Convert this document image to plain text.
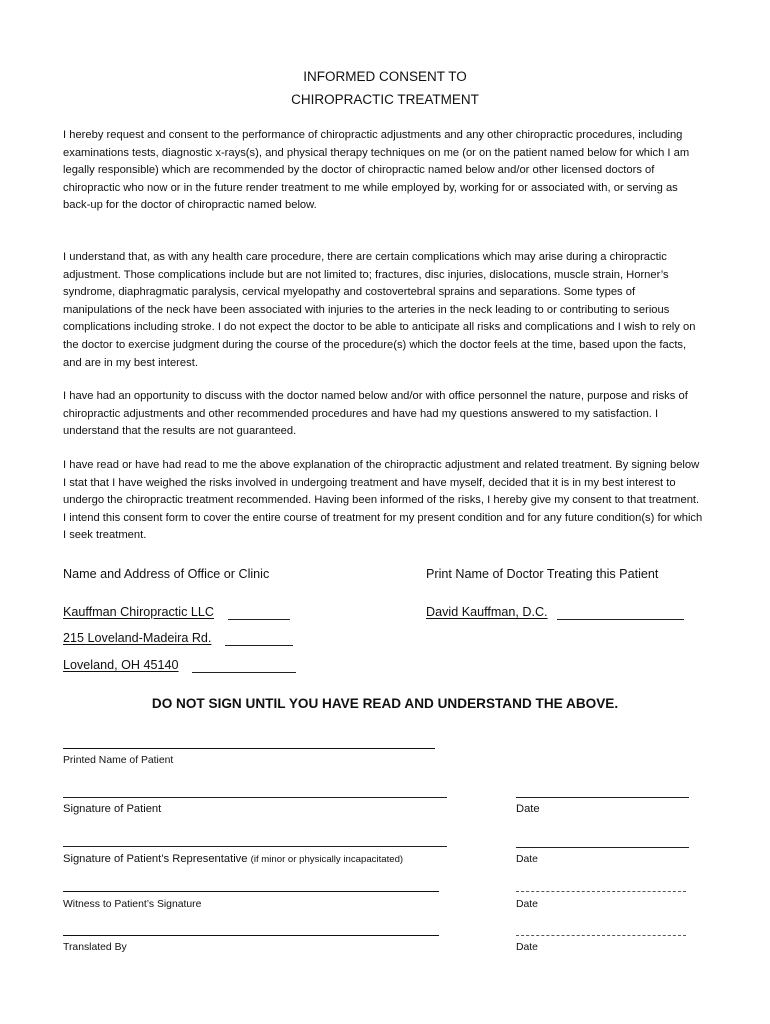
INFORMED CONSENT TO
CHIROPRACTIC TREATMENT

I hereby request and consent to the performance of chiropractic adjustments and any other chiropractic procedures, including examinations tests, diagnostic x-rays(s), and physical therapy techniques on me (or on the patient named below for which I am legally responsible) which are recommended by the doctor of chiropractic named below and/or other licensed doctors of chiropractic who now or in the future render treatment to me while employed by, working for or associated with, or serving as back-up for the doctor of chiropractic named below.

I understand that, as with any health care procedure, there are certain complications which may arise during a chiropractic adjustment. Those complications include but are not limited to; fractures, disc injuries, dislocations, muscle strain, Horner’s syndrome, diaphragmatic paralysis, cervical myelopathy and costovertebral sprains and separations. Some types of manipulations of the neck have been associated with injuries to the arteries in the neck leading to or contributing to serious complications including stroke. I do not expect the doctor to be able to anticipate all risks and complications and I wish to rely on the doctor to exercise judgment during the course of the procedure(s) which the doctor feels at the time, based upon the facts, and are in my best interest.

I have had an opportunity to discuss with the doctor named below and/or with office personnel the nature, purpose and risks of chiropractic adjustments and other recommended procedures and have had my questions answered to my satisfaction. I understand that the results are not guaranteed.

I have read or have had read to me the above explanation of the chiropractic adjustment and related treatment. By signing below I stat that I have weighed the risks involved in undergoing treatment and have myself, decided that it is in my best interest to undergo the chiropractic treatment recommended. Having been informed of the risks, I hereby give my consent to that treatment. I intend this consent form to cover the entire course of treatment for my present condition and for any future condition(s) for which I seek treatment.

Name and Address of Office or Clinic	Print Name of Doctor Treating this Patient
Kauffman Chiropractic LLC	David Kauffman, D.C.
215 Loveland-Madeira Rd.
Loveland, OH 45140
DO NOT SIGN UNTIL YOU HAVE READ AND UNDERSTAND THE ABOVE.
Printed Name of Patient
Signature of Patient	Date
Signature of Patient’s Representative (if minor or physically incapacitated)	Date
Witness to Patient’s Signature	Date
Translated By	Date
